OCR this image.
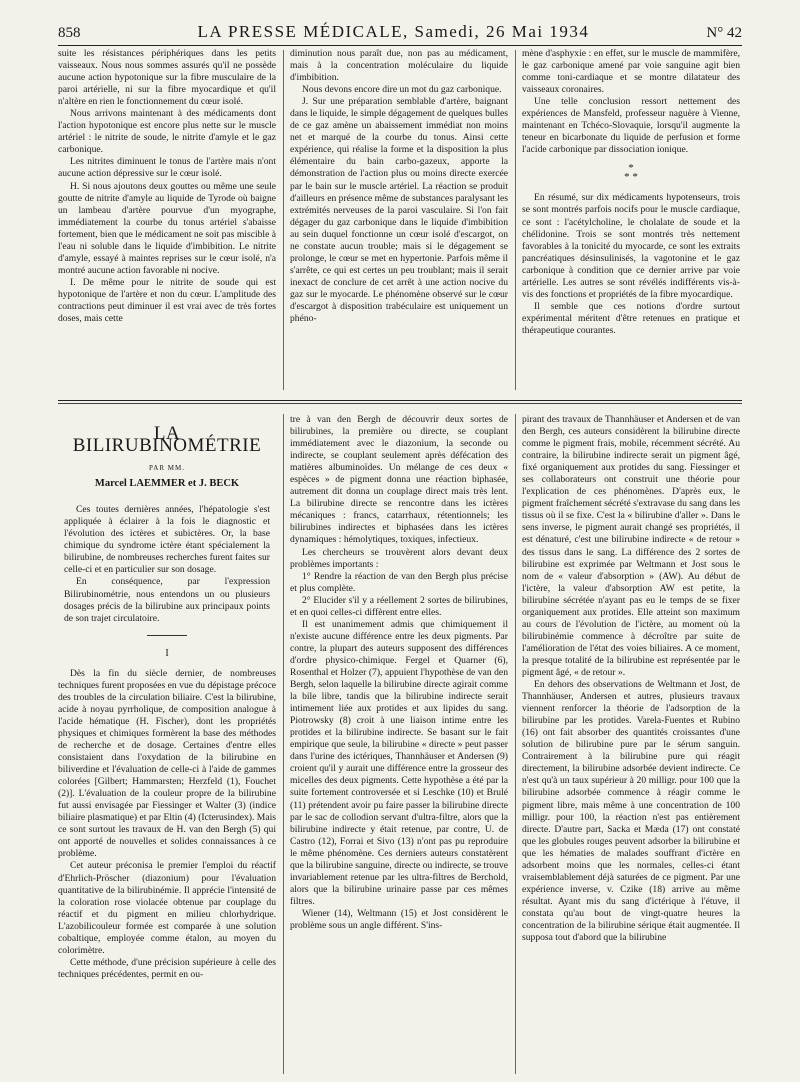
858	LA PRESSE MÉDICALE, Samedi, 26 Mai 1934	N° 42

suite les résistances périphériques dans les petits vaisseaux. Nous nous sommes assurés qu'il ne possède aucune action hypotonique sur la fibre musculaire de la paroi artérielle, ni sur la fibre myocardique et qu'il n'altère en rien le fonctionnement du cœur isolé.

Nous arrivons maintenant à des médicaments dont l'action hypotonique est encore plus nette sur le muscle artériel : le nitrite de soude, le nitrite d'amyle et le gaz carbonique.

Les nitrites diminuent le tonus de l'artère mais n'ont aucune action dépressive sur le cœur isolé.

H. Si nous ajoutons deux gouttes ou même une seule goutte de nitrite d'amyle au liquide de Tyrode où baigne un lambeau d'artère pourvue d'un myographe, immédiatement la courbe du tonus artériel s'abaisse fortement, bien que le médicament ne soit pas miscible à l'eau ni soluble dans le liquide d'imbibition. Le nitrite d'amyle, essayé à maintes reprises sur le cœur isolé, n'a montré aucune action favorable ni nocive.

I. De même pour le nitrite de soude qui est hypotonique de l'artère et non du cœur. L'amplitude des contractions peut diminuer il est vrai avec de très fortes doses, mais cette

diminution nous paraît due, non pas au médicament, mais à la concentration moléculaire du liquide d'imbibition.

Nous devons encore dire un mot du gaz carbonique.

J. Sur une préparation semblable d'artère, baignant dans le liquide, le simple dégagement de quelques bulles de ce gaz amène un abaissement immédiat non moins net et marqué de la courbe du tonus. Ainsi cette expérience, qui réalise la forme et la disposition la plus élémentaire du bain carbo-gazeux, apporte la démonstration de l'action plus ou moins directe exercée par le bain sur le muscle artériel. La réaction se produit d'ailleurs en présence même de substances paralysant les extrémités nerveuses de la paroi vasculaire. Si l'on fait dégager du gaz carbonique dans le liquide d'imbibition au sein duquel fonctionne un cœur isolé d'escargot, on ne constate aucun trouble; mais si le dégagement se prolonge, le cœur se met en hypertonie. Parfois même il s'arrête, ce qui est certes un peu troublant; mais il serait inexact de conclure de cet arrêt à une action nocive du gaz sur le myocarde. Le phénomène observé sur le cœur d'escargot à disposition trabéculaire est uniquement un phéno-

mène d'asphyxie : en effet, sur le muscle de mammifère, le gaz carbonique amené par voie sanguine agit bien comme toni-cardiaque et se montre dilatateur des vaisseaux coronaires.

Une telle conclusion ressort nettement des expériences de Mansfeld, professeur naguère à Vienne, maintenant en Tchéco-Slovaquie, lorsqu'il augmente la teneur en bicarbonate du liquide de perfusion et forme l'acide carbonique par dissociation ionique.

*
* *

En résumé, sur dix médicaments hypotenseurs, trois se sont montrés parfois nocifs pour le muscle cardiaque, ce sont : l'acétylcholine, le cholalate de soude et la chélidonine. Trois se sont montrés très nettement favorables à la tonicité du myocarde, ce sont les extraits pancréatiques désinsulinisés, la vagotonine et le gaz carbonique à condition que ce dernier arrive par voie artérielle. Les autres se sont révélés indifférents vis-à-vis des fonctions et propriétés de la fibre myocardique.

Il semble que ces notions d'ordre surtout expérimental méritent d'être retenues en pratique et thérapeutique courantes.

LA BILIRUBINOMÉTRIE
PAR MM.
Marcel LAEMMER et J. BECK

Ces toutes dernières années, l'hépatologie s'est appliquée à éclairer à la fois le diagnostic et l'évolution des ictères et subictères. Or, la base chimique du syndrome ictère étant spécialement la bilirubine, de nombreuses recherches furent faites sur celle-ci et en particulier sur son dosage.

En conséquence, par l'expression Bilirubinométrie, nous entendons un ou plusieurs dosages précis de la bilirubine aux principaux points de son trajet circulatoire.

I

Dès la fin du siècle dernier, de nombreuses techniques furent proposées en vue du dépistage précoce des troubles de la circulation biliaire. C'est la bilirubine, acide à noyau pyrrholique, de composition analogue à l'acide hématique (H. Fischer), dont les propriétés physiques et chimiques formèrent la base des méthodes de recherche et de dosage. Certaines d'entre elles consistaient dans l'oxydation de la bilirubine en biliverdine et l'évaluation de celle-ci à l'aide de gammes colorées [Gilbert; Hammarsten; Herzfeld (1), Fouchet (2)]. L'évaluation de la couleur propre de la bilirubine fut aussi envisagée par Fiessinger et Walter (3) (indice biliaire plasmatique) et par Eltin (4) (Icterusindex). Mais ce sont surtout les travaux de H. van den Bergh (5) qui ont apporté de nouvelles et solides connaissances à ce problème.

Cet auteur préconisa le premier l'emploi du réactif d'Ehrlich-Pröscher (diazonium) pour l'évaluation quantitative de la bilirubinémie. Il apprécie l'intensité de la coloration rose violacée obtenue par couplage du réactif et du pigment en milieu chlorhydrique. L'azobilicouleur formée est comparée à une solution cobaltique, employée comme étalon, au moyen du colorimètre.

Cette méthode, d'une précision supérieure à celle des techniques précédentes, permit en ou-

tre à van den Bergh de découvrir deux sortes de bilirubines, la première ou directe, se couplant immédiatement avec le diazonium, la seconde ou indirecte, se couplant seulement après défécation des matières albuminoïdes. Un mélange de ces deux « espèces » de pigment donna une réaction biphasée, autrement dit donna un couplage direct mais très lent. La bilirubine directe se rencontre dans les ictères mécaniques : francs, catarrhaux, rétentionnels; les bilirubines indirectes et biphasées dans les ictères dynamiques : hémolytiques, toxiques, infectieux.

Les chercheurs se trouvèrent alors devant deux problèmes importants :

1° Rendre la réaction de van den Bergh plus précise et plus complète.

2° Elucider s'il y a réellement 2 sortes de bilirubines, et en quoi celles-ci diffèrent entre elles.

Il est unanimement admis que chimiquement il n'existe aucune différence entre les deux pigments. Par contre, la plupart des auteurs supposent des différences d'ordre physico-chimique. Fergel et Quarner (6), Rosenthal et Holzer (7), appuient l'hypothèse de van den Bergh, selon laquelle la bilirubine directe agirait comme la bile libre, tandis que la bilirubine indirecte serait intimement liée aux protides et aux lipides du sang. Piotrowsky (8) croit à une liaison intime entre les protides et la bilirubine indirecte. Se basant sur le fait empirique que seule, la bilirubine « directe » peut passer dans l'urine des ictériques, Thannhäuser et Andersen (9) croient qu'il y aurait une différence entre la grosseur des micelles des deux pigments. Cette hypothèse a été par la suite fortement controversée et si Leschke (10) et Brulé (11) prétendent avoir pu faire passer la bilirubine directe par le sac de collodion servant d'ultra-filtre, alors que la bilirubine indirecte y était retenue, par contre, U. de Castro (12), Forrai et Sivo (13) n'ont pas pu reproduire le même phénomène. Ces derniers auteurs constatèrent que la bilirubine sanguine, directe ou indirecte, se trouve invariablement retenue par les ultra-filtres de Berchold, alors que la bilirubine urinaire passe par ces mêmes filtres.

Wiener (14), Weltmann (15) et Jost considèrent le problème sous un angle différent. S'ins-

pirant des travaux de Thannhäuser et Andersen et de van den Bergh, ces auteurs considèrent la bilirubine directe comme le pigment frais, mobile, récemment sécrété. Au contraire, la bilirubine indirecte serait un pigment âgé, fixé organiquement aux protides du sang. Fiessinger et ses collaborateurs ont construit une théorie pour l'explication de ces phénomènes. D'après eux, le pigment fraîchement sécrété s'extravase du sang dans les tissus où il se fixe. C'est la « bilirubine d'aller ». Dans le sens inverse, le pigment aurait changé ses propriétés, il est dénaturé, c'est une bilirubine indirecte « de retour » des tissus dans le sang. La différence des 2 sortes de bilirubine est exprimée par Weltmann et Jost sous le nom de « valeur d'absorption » (AW). Au début de l'ictère, la valeur d'absorption AW est petite, la bilirubine sécrétée n'ayant pas eu le temps de se fixer organiquement aux protides. Elle atteint son maximum au cours de l'évolution de l'ictère, au moment où la bilirubinémie commence à décroître par suite de l'amélioration de l'état des voies biliaires. A ce moment, la presque totalité de la bilirubine est représentée par le pigment âgé, « de retour ».

En dehors des observations de Weltmann et Jost, de Thannhäuser, Andersen et autres, plusieurs travaux viennent renforcer la théorie de l'adsorption de la bilirubine par les protides. Varela-Fuentes et Rubino (16) ont fait absorber des quantités croissantes d'une solution de bilirubine pure par le sérum sanguin. Contrairement à la bilirubine pure qui réagit directement, la bilirubine adsorbée devient indirecte. Ce n'est qu'à un taux supérieur à 20 milligr. pour 100 que la bilirubine adsorbée commence à réagir comme le pigment libre, mais même à une concentration de 100 milligr. pour 100, la réaction n'est pas entièrement directe. D'autre part, Sacka et Mæda (17) ont constaté que les globules rouges peuvent adsorber la bilirubine et que les hématies de malades souffrant d'ictère en adsorbent moins que les normales, celles-ci étant vraisemblablement déjà saturées de ce pigment. Par une expérience inverse, v. Czike (18) arrive au même résultat. Ayant mis du sang d'ictérique à l'étuve, il constata qu'au bout de vingt-quatre heures la concentration de la bilirubine sérique était augmentée. Il supposa tout d'abord que la bilirubine
